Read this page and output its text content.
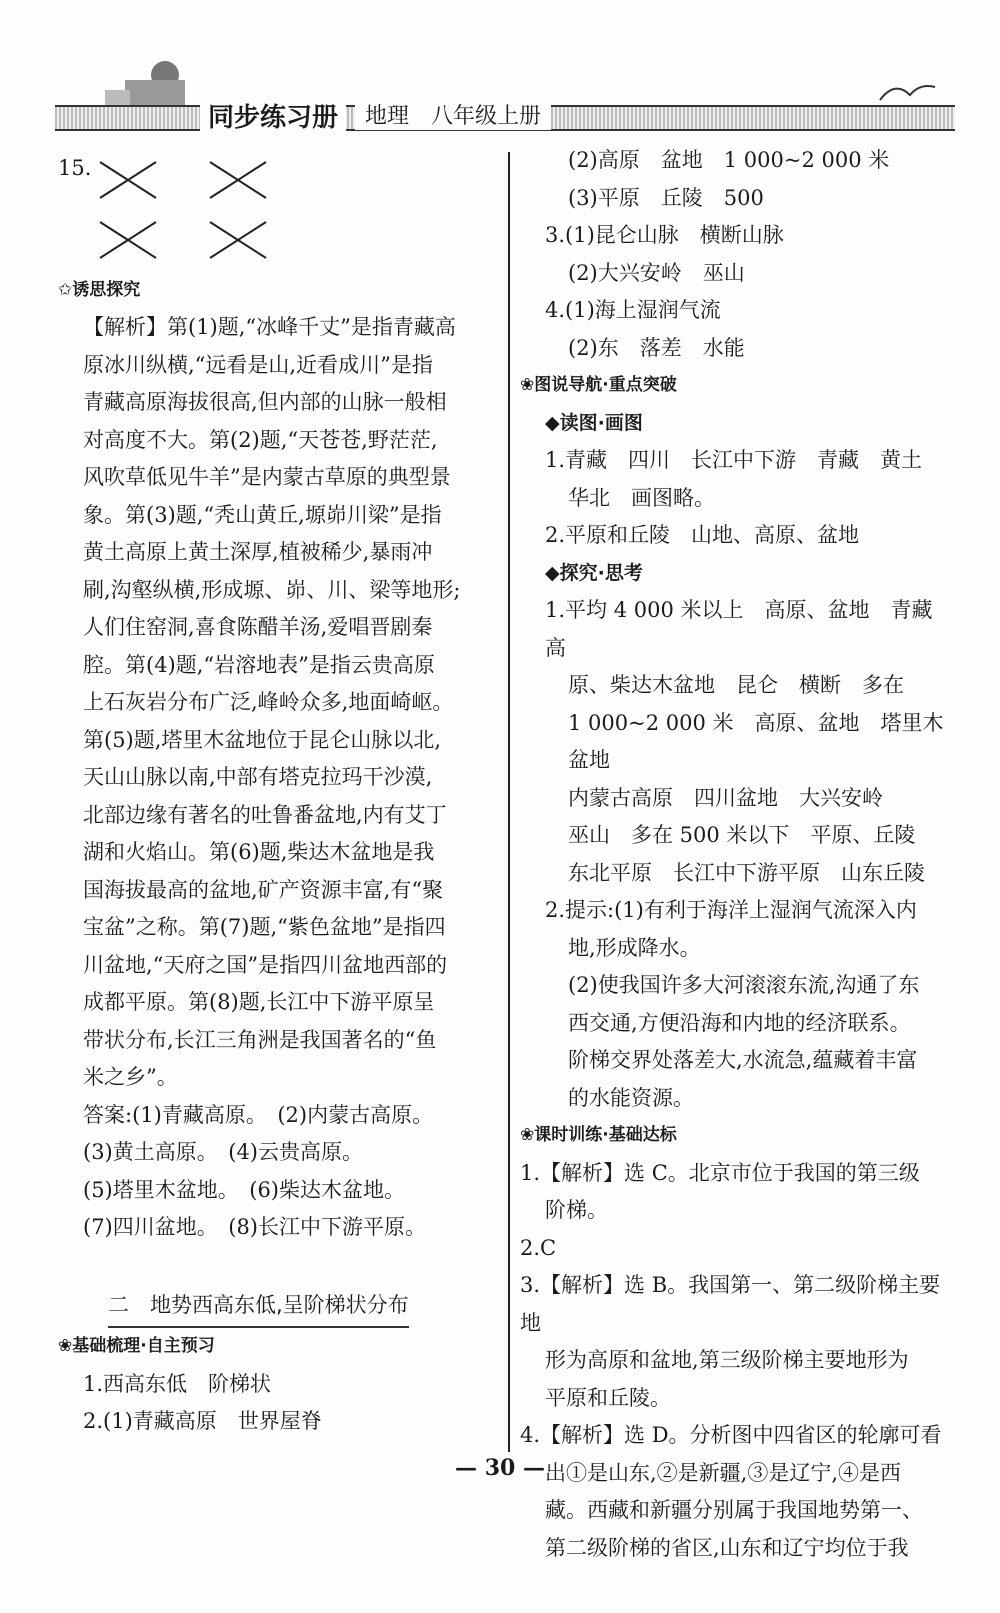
同步练习册	地理　八年级上册

15.

✩诱思探究

【解析】第(1)题,“冰峰千丈”是指青藏高

原冰川纵横,“远看是山,近看成川”是指

青藏高原海拔很高,但内部的山脉一般相

对高度不大。第(2)题,“天苍苍,野茫茫,

风吹草低见牛羊”是内蒙古草原的典型景

象。第(3)题,“秃山黄丘,塬峁川梁”是指

黄土高原上黄土深厚,植被稀少,暴雨冲

刷,沟壑纵横,形成塬、峁、川、梁等地形;

人们住窑洞,喜食陈醋羊汤,爱唱晋剧秦

腔。第(4)题,“岩溶地表”是指云贵高原

上石灰岩分布广泛,峰岭众多,地面崎岖。

第(5)题,塔里木盆地位于昆仑山脉以北,

天山山脉以南,中部有塔克拉玛干沙漠,

北部边缘有著名的吐鲁番盆地,内有艾丁

湖和火焰山。第(6)题,柴达木盆地是我

国海拔最高的盆地,矿产资源丰富,有“聚

宝盆”之称。第(7)题,“紫色盆地”是指四

川盆地,“天府之国”是指四川盆地西部的

成都平原。第(8)题,长江中下游平原呈

带状分布,长江三角洲是我国著名的“鱼

米之乡”。

答案:(1)青藏高原。　(2)内蒙古高原。

(3)黄土高原。　(4)云贵高原。

(5)塔里木盆地。　(6)柴达木盆地。

(7)四川盆地。　(8)长江中下游平原。

二　地势西高东低,呈阶梯状分布

❀基础梳理·自主预习

1.西高东低　阶梯状

2.(1)青藏高原　世界屋脊

(2)高原　盆地　1 000~2 000 米

(3)平原　丘陵　500

3.(1)昆仑山脉　横断山脉

(2)大兴安岭　巫山

4.(1)海上湿润气流

(2)东　落差　水能

❀图说导航·重点突破

◆读图·画图

1.青藏　四川　长江中下游　青藏　黄土

华北　画图略。

2.平原和丘陵　山地、高原、盆地

◆探究·思考

1.平均 4 000 米以上　高原、盆地　青藏高

原、柴达木盆地　昆仑　横断　多在

1 000~2 000 米　高原、盆地　塔里木盆地

内蒙古高原　四川盆地　大兴安岭

巫山　多在 500 米以下　平原、丘陵

东北平原　长江中下游平原　山东丘陵

2.提示:(1)有利于海洋上湿润气流深入内

地,形成降水。

(2)使我国许多大河滚滚东流,沟通了东

西交通,方便沿海和内地的经济联系。

阶梯交界处落差大,水流急,蕴藏着丰富

的水能资源。

❀课时训练·基础达标

1.【解析】选 C。北京市位于我国的第三级

阶梯。

2.C

3.【解析】选 B。我国第一、第二级阶梯主要地

形为高原和盆地,第三级阶梯主要地形为

平原和丘陵。

4.【解析】选 D。分析图中四省区的轮廓可看

出①是山东,②是新疆,③是辽宁,④是西

藏。西藏和新疆分别属于我国地势第一、

第二级阶梯的省区,山东和辽宁均位于我

— 30 —
